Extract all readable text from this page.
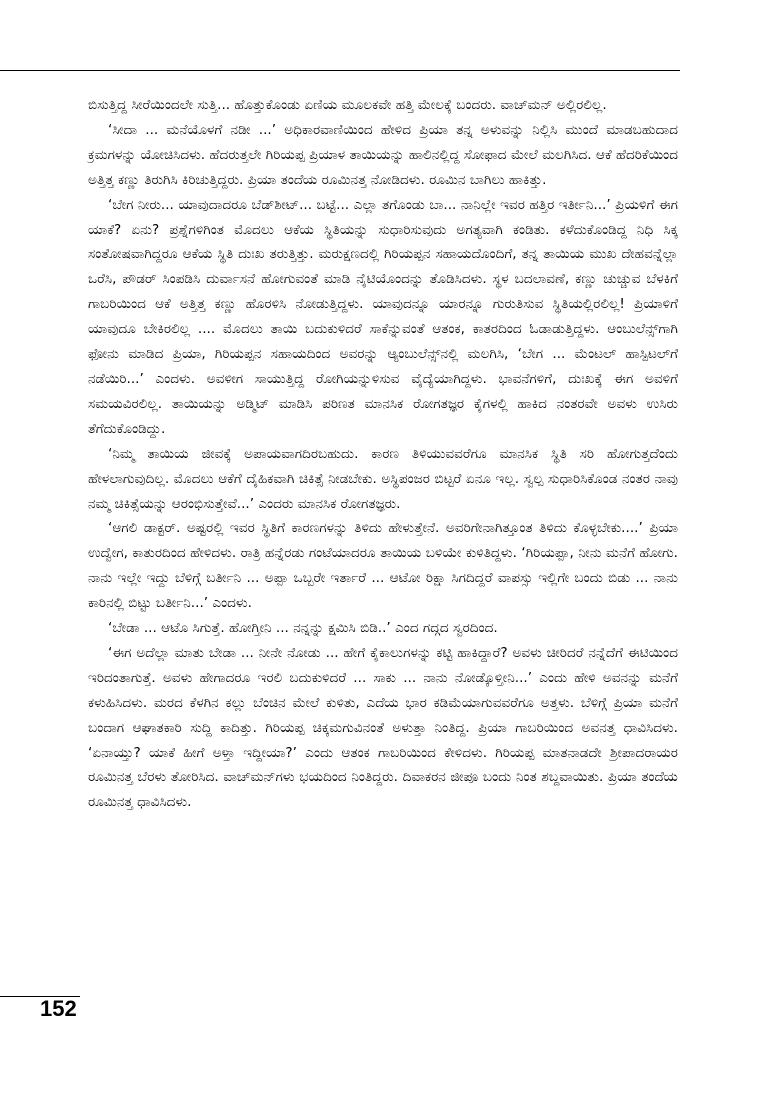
ಬಿಸುತ್ತಿದ್ದ ಸೀರೆಯಿಂದಲೇ ಸುತ್ತಿ... ಹೊತ್ತುಕೊಂಡು ಏಣಿಯ ಮೂಲಕವೇ ಹತ್ತಿ ಮೇಲಕ್ಕೆ ಬಂದರು. ವಾಚ್‌ಮನ್ ಅಲ್ಲಿರಲಿಲ್ಲ.

‘ಸೀದಾ ... ಮನೆಯೊಳಗೆ ನಡೀ ...’ ಅಧಿಕಾರವಾಣಿಯಿಂದ ಹೇಳಿದ ಪ್ರಿಯಾ ತನ್ನ ಅಳುವನ್ನು ನಿಲ್ಲಿಸಿ ಮುಂದೆ ಮಾಡಬಹುದಾದ ಕ್ರಮಗಳನ್ನು ಯೋಚಿಸಿದಳು. ಹೆದರುತ್ತಲೇ ಗಿರಿಯಪ್ಪ ಪ್ರಿಯಾಳ ತಾಯಿಯನ್ನು ಹಾಲಿನಲ್ಲಿದ್ದ ಸೋಫಾದ ಮೇಲೆ ಮಲಗಿಸಿದ. ಆಕೆ ಹೆದರಿಕೆಯಿಂದ ಅತ್ತಿತ್ತ ಕಣ್ಣು ತಿರುಗಿಸಿ ಕಿರಿಚುತ್ತಿದ್ದರು. ಪ್ರಿಯಾ ತಂದೆಯ ರೂಮಿನತ್ತ ನೋಡಿದಳು. ರೂಮಿನ ಬಾಗಿಲು ಹಾಕಿತ್ತು.

‘ಬೇಗ ನೀರು... ಯಾವುದಾದರೂ ಬೆಡ್‌ಶೀಟ್... ಬಟ್ಟೆ... ಎಲ್ಲಾ ತಗೊಂಡು ಬಾ... ನಾನಿಲ್ಲೇ ಇವರ ಹತ್ತಿರ ಇರ್ತೀನಿ...’ ಪ್ರಿಯಳಿಗೆ ಈಗ ಯಾಕೆ? ಏನು? ಪ್ರಶ್ನೆಗಳಿಗಿಂತ ಮೊದಲು ಆಕೆಯ ಸ್ಥಿತಿಯನ್ನು ಸುಧಾರಿಸುವುದು ಅಗತ್ಯವಾಗಿ ಕಂಡಿತು. ಕಳೆದುಕೊಂಡಿದ್ದ ನಿಧಿ ಸಿಕ್ಕ ಸಂತೋಷವಾಗಿದ್ದರೂ ಆಕೆಯ ಸ್ಥಿತಿ ದುಃಖ ತರುತ್ತಿತ್ತು. ಮರುಕ್ಷಣದಲ್ಲಿ ಗಿರಿಯಪ್ಪನ ಸಹಾಯದೊಂದಿಗೆ, ತನ್ನ ತಾಯಿಯ ಮುಖ ದೇಹವನ್ನೆಲ್ಲಾ ಒರೆಸಿ, ಪೌಡರ್ ಸಿಂಪಡಿಸಿ ದುರ್ವಾಸನೆ ಹೋಗುವಂತೆ ಮಾಡಿ ನೈಟಿಯೊಂದನ್ನು ತೊಡಿಸಿದಳು. ಸ್ಥಳ ಬದಲಾವಣೆ, ಕಣ್ಣು ಚುಚ್ಚುವ ಬೆಳಕಿಗೆ ಗಾಬರಿಯಿಂದ ಆಕೆ ಅತ್ತಿತ್ತ ಕಣ್ಣು ಹೊರಳಿಸಿ ನೋಡುತ್ತಿದ್ದಳು. ಯಾವುದನ್ನೂ ಯಾರನ್ನೂ ಗುರುತಿಸುವ ಸ್ಥಿತಿಯಲ್ಲಿರಲಿಲ್ಲ! ಪ್ರಿಯಾಳಿಗೆ ಯಾವುದೂ ಬೇಕಿರಲಿಲ್ಲ .... ಮೊದಲು ತಾಯಿ ಬದುಕುಳಿದರೆ ಸಾಕೆನ್ನುವಂತೆ ಆತಂಕ, ಕಾತರದಿಂದ ಓಡಾಡುತ್ತಿದ್ದಳು. ಆಂಬುಲೆನ್ಸ್‌ಗಾಗಿ ಫೋನು ಮಾಡಿದ ಪ್ರಿಯಾ, ಗಿರಿಯಪ್ಪನ ಸಹಾಯದಿಂದ ಅವರನ್ನು ಆ್ಯಂಬುಲೆನ್ಸ್‌ನಲ್ಲಿ ಮಲಗಿಸಿ, ‘ಬೇಗ ... ಮೆಂಟಲ್ ಹಾಸ್ಪಿಟಲ್‌ಗೆ ನಡೆಯಿರಿ...’ ಎಂದಳು. ಅವಳೀಗ ಸಾಯುತ್ತಿದ್ದ ರೋಗಿಯನ್ನುಳಿಸುವ ವೈದ್ಯೆಯಾಗಿದ್ದಳು. ಭಾವನೆಗಳಿಗೆ, ದುಃಖಕ್ಕೆ ಈಗ ಅವಳಿಗೆ ಸಮಯವಿರಲಿಲ್ಲ. ತಾಯಿಯನ್ನು ಅಡ್ಮಿಟ್ ಮಾಡಿಸಿ ಪರಿಣತ ಮಾನಸಿಕ ರೋಗತಜ್ಞರ ಕೈಗಳಲ್ಲಿ ಹಾಕಿದ ನಂತರವೇ ಅವಳು ಉಸಿರು ತೆಗೆದುಕೊಂಡಿದ್ದು.

‘ನಿಮ್ಮ ತಾಯಿಯ ಜೀವಕ್ಕೆ ಅಪಾಯವಾಗದಿರಬಹುದು. ಕಾರಣ ತಿಳಿಯುವವರೆಗೂ ಮಾನಸಿಕ ಸ್ಥಿತಿ ಸರಿ ಹೋಗುತ್ತದೆಂದು ಹೇಳಲಾಗುವುದಿಲ್ಲ. ಮೊದಲು ಆಕೆಗೆ ದೈಹಿಕವಾಗಿ ಚಿಕಿತ್ಸೆ ನೀಡಬೇಕು. ಅಸ್ಥಿಪಂಜರ ಬಿಟ್ಟರೆ ಏನೂ ಇಲ್ಲ. ಸ್ವಲ್ಪ ಸುಧಾರಿಸಿಕೊಂಡ ನಂತರ ನಾವು ನಮ್ಮ ಚಿಕಿತ್ಸೆಯನ್ನು ಆರಂಭಿಸುತ್ತೇವೆ...’ ಎಂದರು ಮಾನಸಿಕ ರೋಗತಜ್ಞರು.

‘ಆಗಲಿ ಡಾಕ್ಟರ್. ಅಷ್ಟರಲ್ಲಿ ಇವರ ಸ್ಥಿತಿಗೆ ಕಾರಣಗಳನ್ನು ತಿಳಿದು ಹೇಳುತ್ತೇನೆ. ಅವರಿಗೇನಾಗಿತ್ತೂಂತ ತಿಳಿದು ಕೊಳ್ಳಬೇಕು....’ ಪ್ರಿಯಾ ಉದ್ವೇಗ, ಕಾತುರದಿಂದ ಹೇಳಿದಳು. ರಾತ್ರಿ ಹನ್ನೆರಡು ಗಂಟೆಯಾದರೂ ತಾಯಿಯ ಬಳಿಯೇ ಕುಳಿತಿದ್ದಳು. ‘ಗಿರಿಯಪ್ಪಾ, ನೀನು ಮನೆಗೆ ಹೋಗು. ನಾನು ಇಲ್ಲೇ ಇದ್ದು ಬೆಳಿಗ್ಗೆ ಬರ್ತೀನಿ ... ಅಪ್ಪಾ ಒಬ್ಬರೇ ಇರ್ತಾರೆ ... ಆಟೋ ರಿಕ್ಷಾ ಸಿಗದಿದ್ದರೆ ವಾಪಸ್ಸು ಇಲ್ಲಿಗೇ ಬಂದು ಬಿಡು ... ನಾನು ಕಾರಿನಲ್ಲಿ ಬಿಟ್ಟು ಬರ್ತೀನಿ...’ ಎಂದಳು.

‘ಬೇಡಾ ... ಆಟೊ ಸಿಗುತ್ತೆ. ಹೋಗ್ತೀನಿ ... ನನ್ನನ್ನು ಕ್ಷಮಿಸಿ ಬಿಡಿ..’ ಎಂದ ಗದ್ಗದ ಸ್ವರದಿಂದ.

‘ಈಗ ಅದೆಲ್ಲಾ ಮಾತು ಬೇಡಾ ... ನೀನೇ ನೋಡು ... ಹೇಗೆ ಕೈಕಾಲುಗಳನ್ನು ಕಟ್ಟಿ ಹಾಕಿದ್ದಾರೆ? ಅವಳು ಚೀರಿದರೆ ನನ್ನೆದೆಗೆ ಈಟಿಯಿಂದ ಇರಿದಂತಾಗುತ್ತೆ. ಅವಳು ಹೇಗಾದರೂ ಇರಲಿ ಬದುಕುಳಿದರೆ ... ಸಾಕು ... ನಾನು ನೋಡ್ಕೊಳ್ತೀನಿ...’ ಎಂದು ಹೇಳಿ ಅವನನ್ನು ಮನೆಗೆ ಕಳುಹಿಸಿದಳು. ಮರದ ಕೆಳಗಿನ ಕಲ್ಲು ಬೆಂಚಿನ ಮೇಲೆ ಕುಳಿತು, ಎದೆಯ ಭಾರ ಕಡಿಮೆಯಾಗುವವರೆಗೂ ಅತ್ತಳು. ಬೆಳಿಗ್ಗೆ ಪ್ರಿಯಾ ಮನೆಗೆ ಬಂದಾಗ ಆಘಾತಕಾರಿ ಸುದ್ದಿ ಕಾದಿತ್ತು. ಗಿರಿಯಪ್ಪ ಚಿಕ್ಕಮಗುವಿನಂತೆ ಅಳುತ್ತಾ ನಿಂತಿದ್ದ. ಪ್ರಿಯಾ ಗಾಬರಿಯಿಂದ ಅವನತ್ತ ಧಾವಿಸಿದಳು. ‘ಏನಾಯ್ತು? ಯಾಕೆ ಹೀಗೆ ಅಳ್ತಾ ಇದ್ದೀಯಾ?’ ಎಂದು ಆತಂಕ ಗಾಬರಿಯಿಂದ ಕೇಳಿದಳು. ಗಿರಿಯಪ್ಪ ಮಾತನಾಡದೇ ಶ್ರೀಪಾದರಾಯರ ರೂಮಿನತ್ತ ಬೆರಳು ತೋರಿಸಿದ. ವಾಚ್‌ಮನ್‌ಗಳು ಭಯದಿಂದ ನಿಂತಿದ್ದರು. ದಿವಾಕರನ ಜೀಪೂ ಬಂದು ನಿಂತ ಶಬ್ದವಾಯಿತು. ಪ್ರಿಯಾ ತಂದೆಯ ರೂಮಿನತ್ತ ಧಾವಿಸಿದಳು.

152
